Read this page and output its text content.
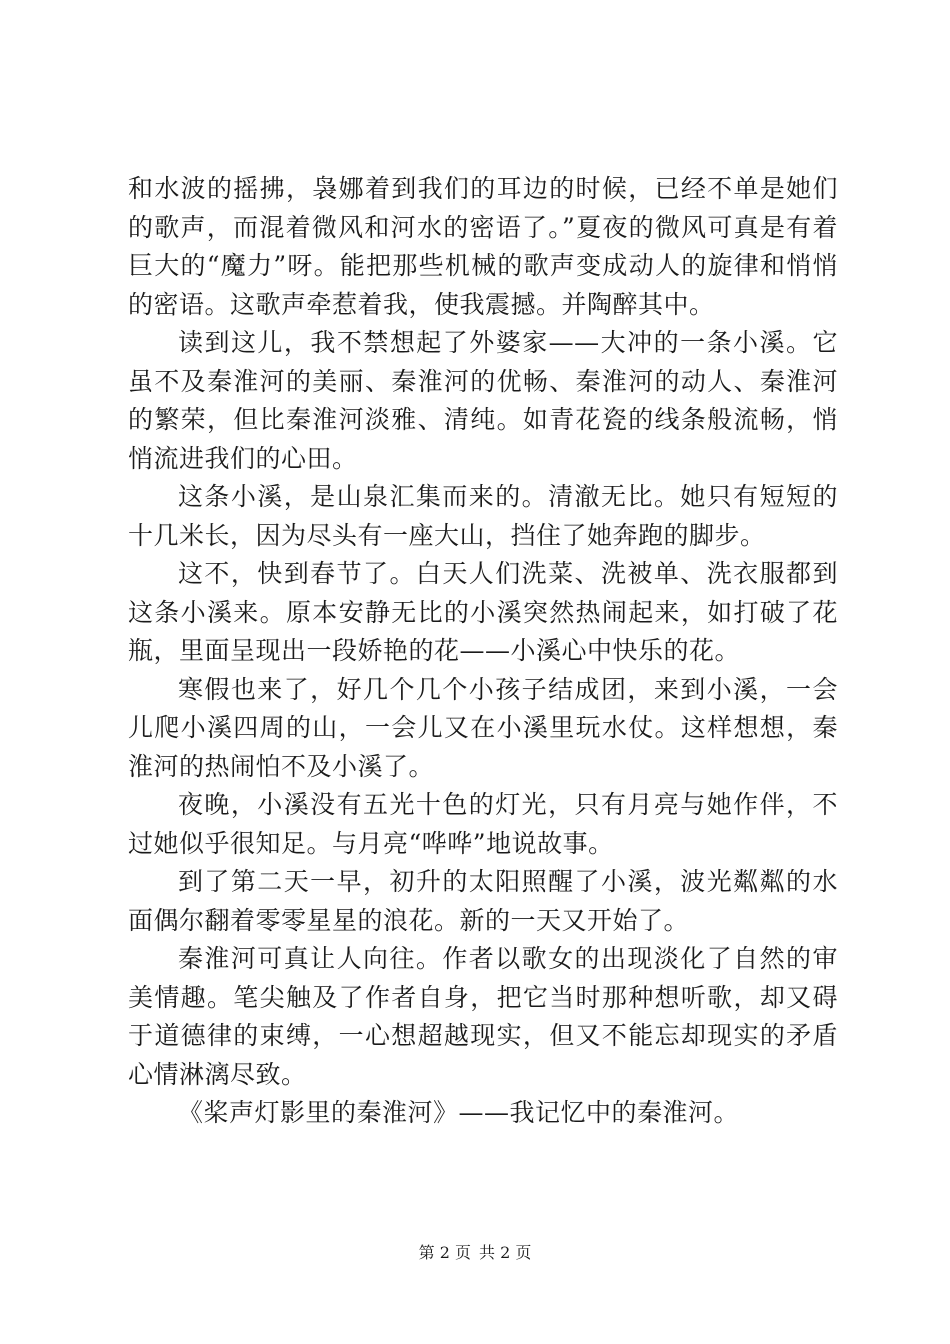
和水波的摇拂，袅娜着到我们的耳边的时候，已经不单是她们的歌声，而混着微风和河水的密语了。”夏夜的微风可真是有着巨大的“魔力”呀。能把那些机械的歌声变成动人的旋律和悄悄的密语。这歌声牵惹着我，使我震撼。并陶醉其中。

读到这儿，我不禁想起了外婆家——大冲的一条小溪。它虽不及秦淮河的美丽、秦淮河的优畅、秦淮河的动人、秦淮河的繁荣，但比秦淮河淡雅、清纯。如青花瓷的线条般流畅，悄悄流进我们的心田。

这条小溪，是山泉汇集而来的。清澈无比。她只有短短的十几米长，因为尽头有一座大山，挡住了她奔跑的脚步。

这不，快到春节了。白天人们洗菜、洗被单、洗衣服都到这条小溪来。原本安静无比的小溪突然热闹起来，如打破了花瓶，里面呈现出一段娇艳的花——小溪心中快乐的花。

寒假也来了，好几个几个小孩子结成团，来到小溪，一会儿爬小溪四周的山，一会儿又在小溪里玩水仗。这样想想，秦淮河的热闹怕不及小溪了。

夜晚，小溪没有五光十色的灯光，只有月亮与她作伴，不过她似乎很知足。与月亮“哗哗”地说故事。

到了第二天一早，初升的太阳照醒了小溪，波光粼粼的水面偶尔翻着零零星星的浪花。新的一天又开始了。

秦淮河可真让人向往。作者以歌女的出现淡化了自然的审美情趣。笔尖触及了作者自身，把它当时那种想听歌，却又碍于道德律的束缚，一心想超越现实，但又不能忘却现实的矛盾心情淋漓尽致。

《桨声灯影里的秦淮河》——我记忆中的秦淮河。

第 2 页 共 2 页
